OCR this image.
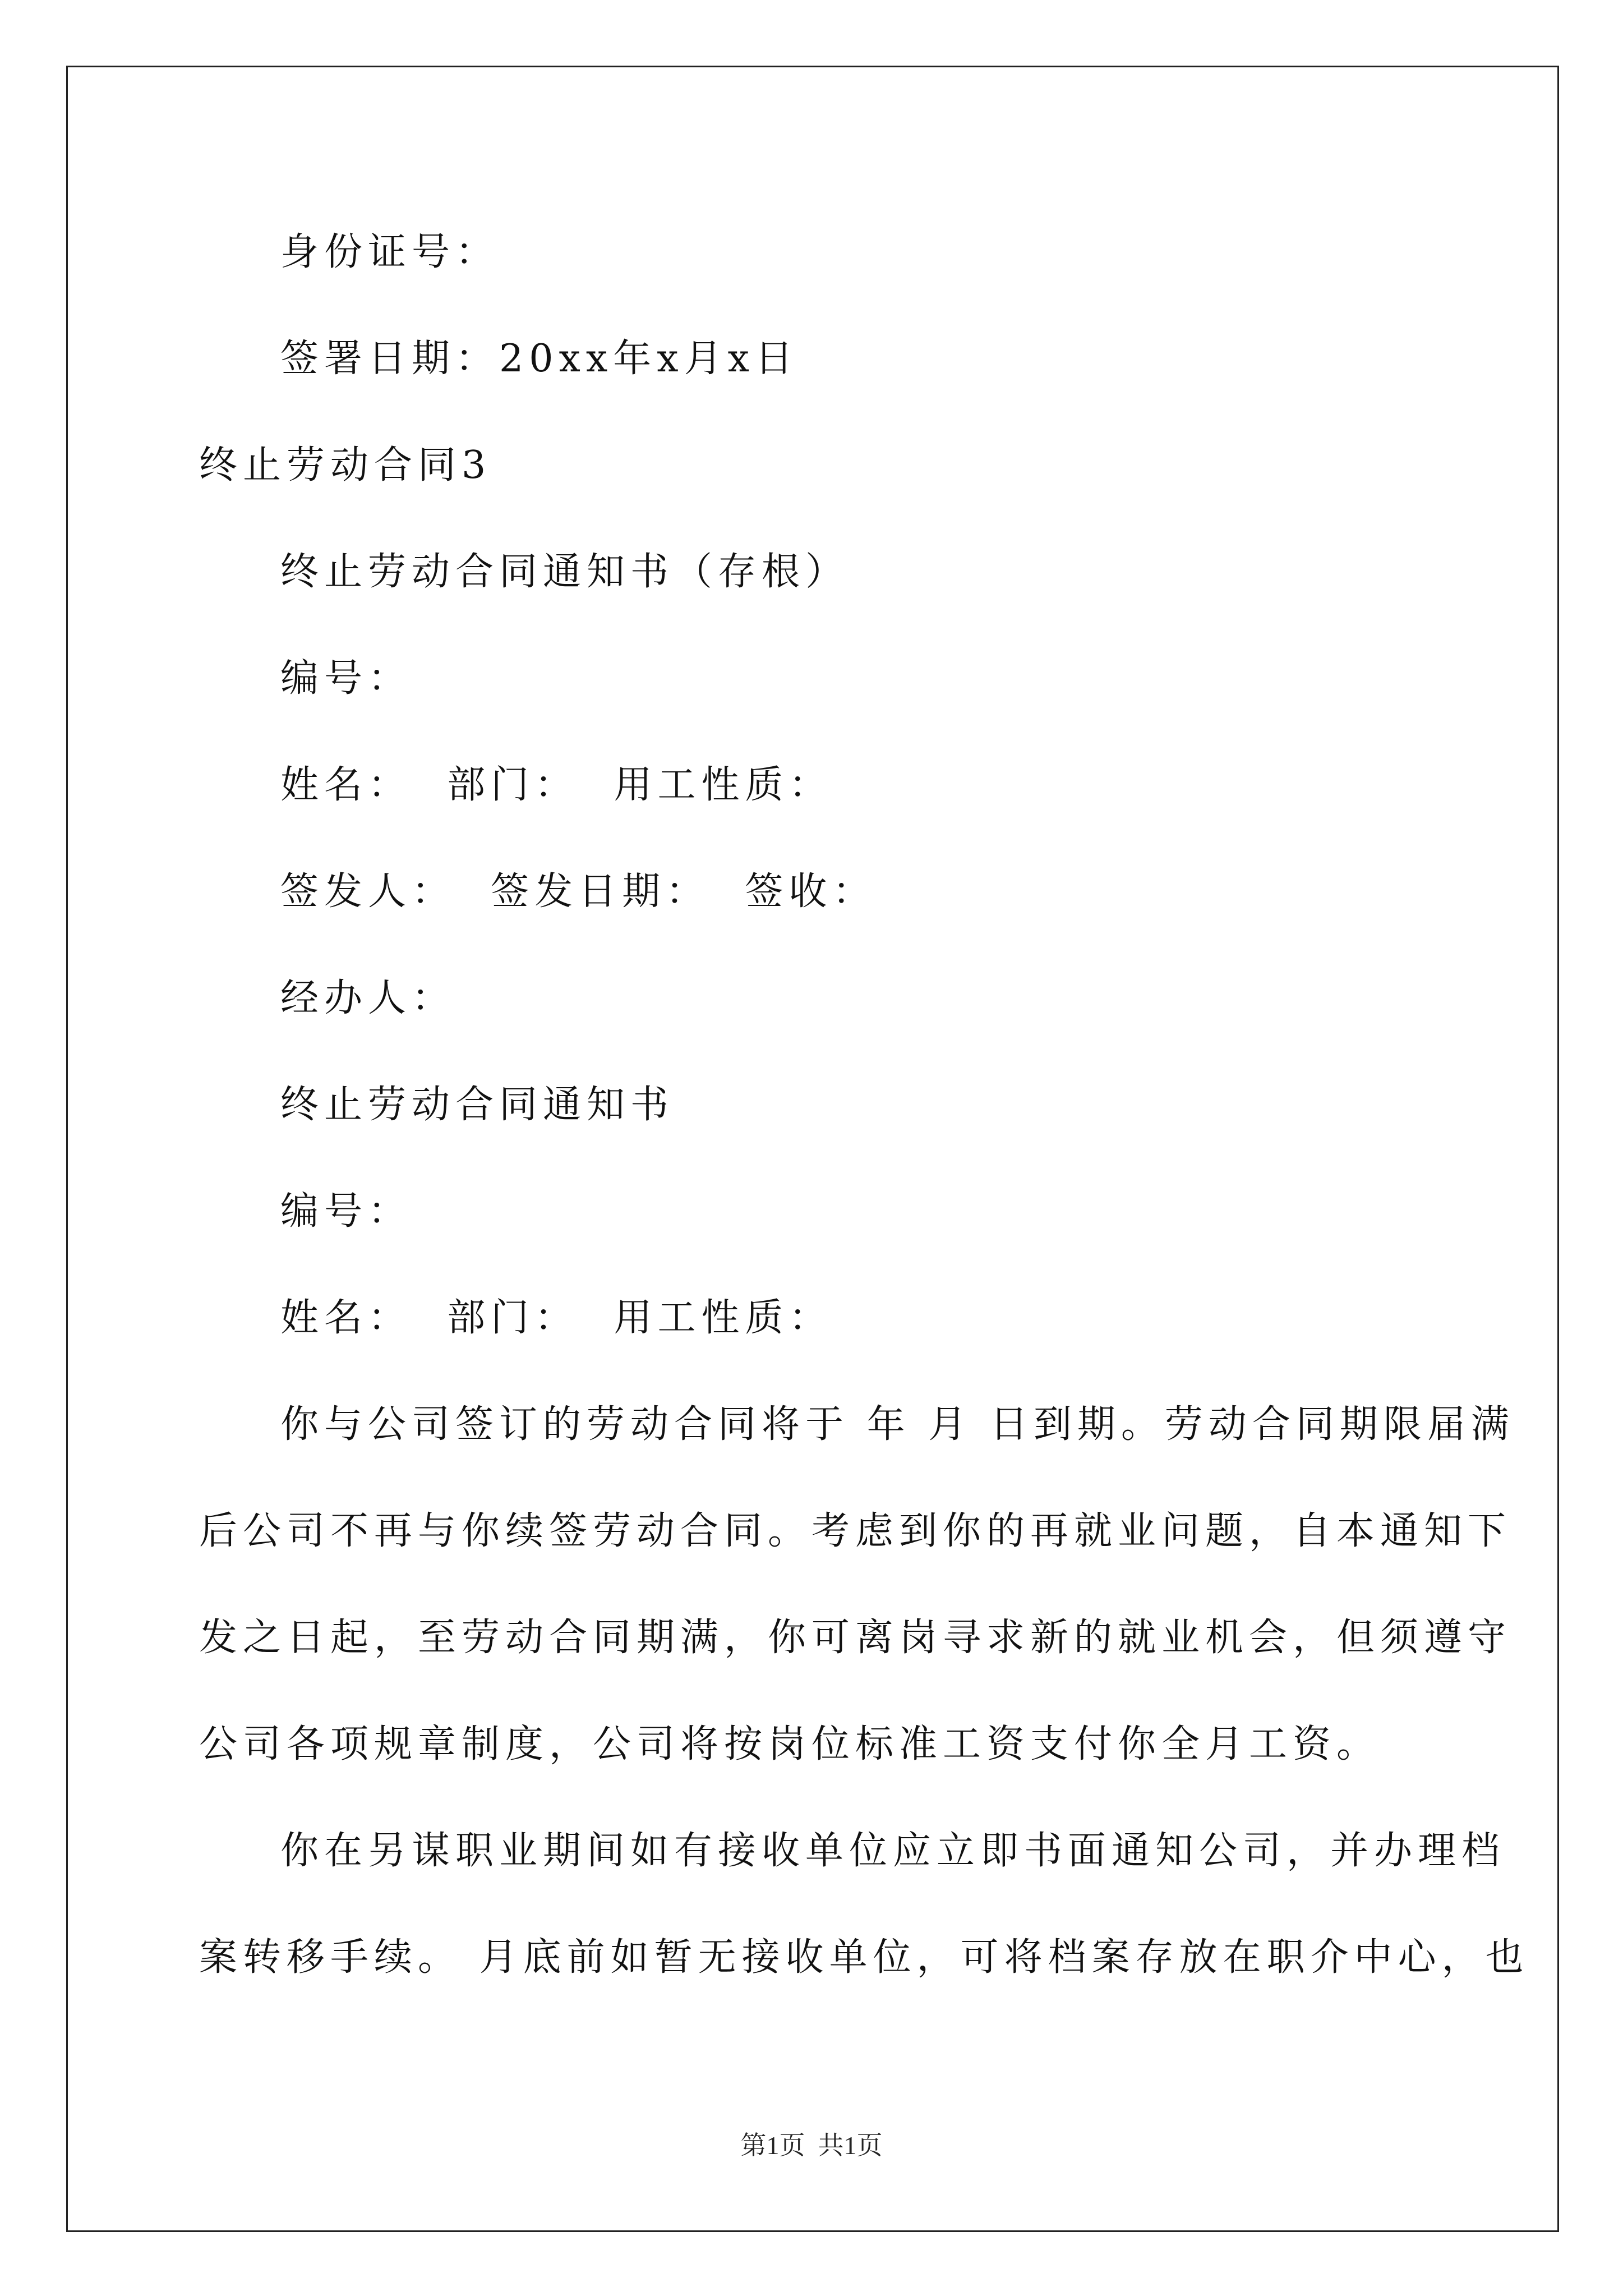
身份证号：
签署日期：20xx年x月x日
终止劳动合同3
终止劳动合同通知书（存根）
编号：
姓名：  部门：  用工性质：
签发人：  签发日期：  签收：
经办人：
终止劳动合同通知书
编号：
姓名：  部门：  用工性质：
你与公司签订的劳动合同将于 年 月 日到期。劳动合同期限届满
后公司不再与你续签劳动合同。考虑到你的再就业问题，自本通知下
发之日起，至劳动合同期满，你可离岗寻求新的就业机会，但须遵守
公司各项规章制度，公司将按岗位标准工资支付你全月工资。
你在另谋职业期间如有接收单位应立即书面通知公司，并办理档
案转移手续。 月底前如暂无接收单位，可将档案存放在职介中心，也
第1页  共1页
